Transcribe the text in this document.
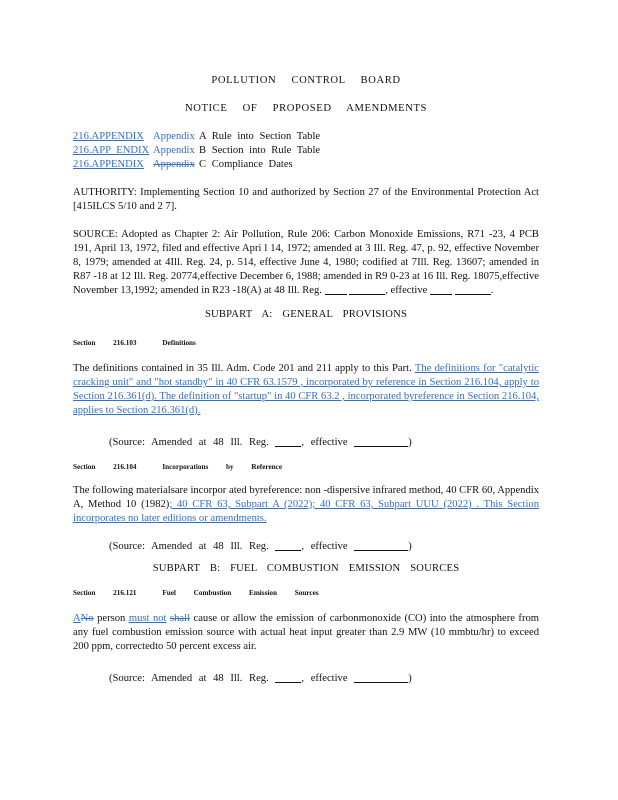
POLLUTION CONTROL BOARD
NOTICE OF PROPOSED AMENDMENTS
216.APPENDIX Appendix A Rule into Section Table
216.APP ENDIX Appendix B Section into Rule Table
216.APPENDIX Appendix C Compliance Dates

AUTHORITY: Implementing Section 10 and authorized by Section 27 of the Environmental Protection Act [415ILCS 5/10 and 2 7].

SOURCE: Adopted as Chapter 2: Air Pollution, Rule 206: Carbon Monoxide Emissions, R71 -23, 4 PCB 191, April 13, 1972, filed and effective Apri l 14, 1972; amended at 3 Ill. Reg. 47, p. 92, effective November 8, 1979; amended at 4Ill. Reg. 24, p. 514, effective June 4, 1980; codified at 7Ill. Reg. 13607; amended in R87 -18 at 12 Ill. Reg. 20774,effective December 6, 1988; amended in R9 0-23 at 16 Ill. Reg. 18075,effective November 13,1992; amended in R23 -18(A) at 48 Ill. Reg.	, effective	.

SUBPART A: GENERAL PROVISIONS
Section 216.103	Definitions

The definitions contained in 35 Ill. Adm. Code 201 and 211 apply to this Part. The definitions for "catalytic cracking unit" and "hot standby" in 40 CFR 63.1579 , incorporated by reference in Section 216.104, apply to Section 216.361(d). The definition of "startup" in 40 CFR 63.2 , incorporated byreference in Section 216.104, applies to Section 216.361(d).

(Source: Amended at 48 Ill. Reg.	, effective	)
Section 216.104	Incorporations by Reference

The following materialsare incorpor ated byreference: non -dispersive infrared method, 40 CFR 60, Appendix A, Method 10 (1982); 40 CFR 63, Subpart A (2022); 40 CFR 63, Subpart UUU (2022) . This Section incorporates no later editions or amendments.

(Source: Amended at 48 Ill. Reg.	, effective	)
SUBPART B: FUEL COMBUSTION EMISSION SOURCES
Section 216.121	Fuel Combustion Emission Sources

ANo person must not shall cause or allow the emission of carbonmonoxide (CO) into the atmosphere from any fuel combustion emission source with actual heat input greater than 2.9 MW (10 mmbtu/hr) to exceed 200 ppm, correctedto 50 percent excess air.

(Source: Amended at 48 Ill. Reg.	, effective	)
